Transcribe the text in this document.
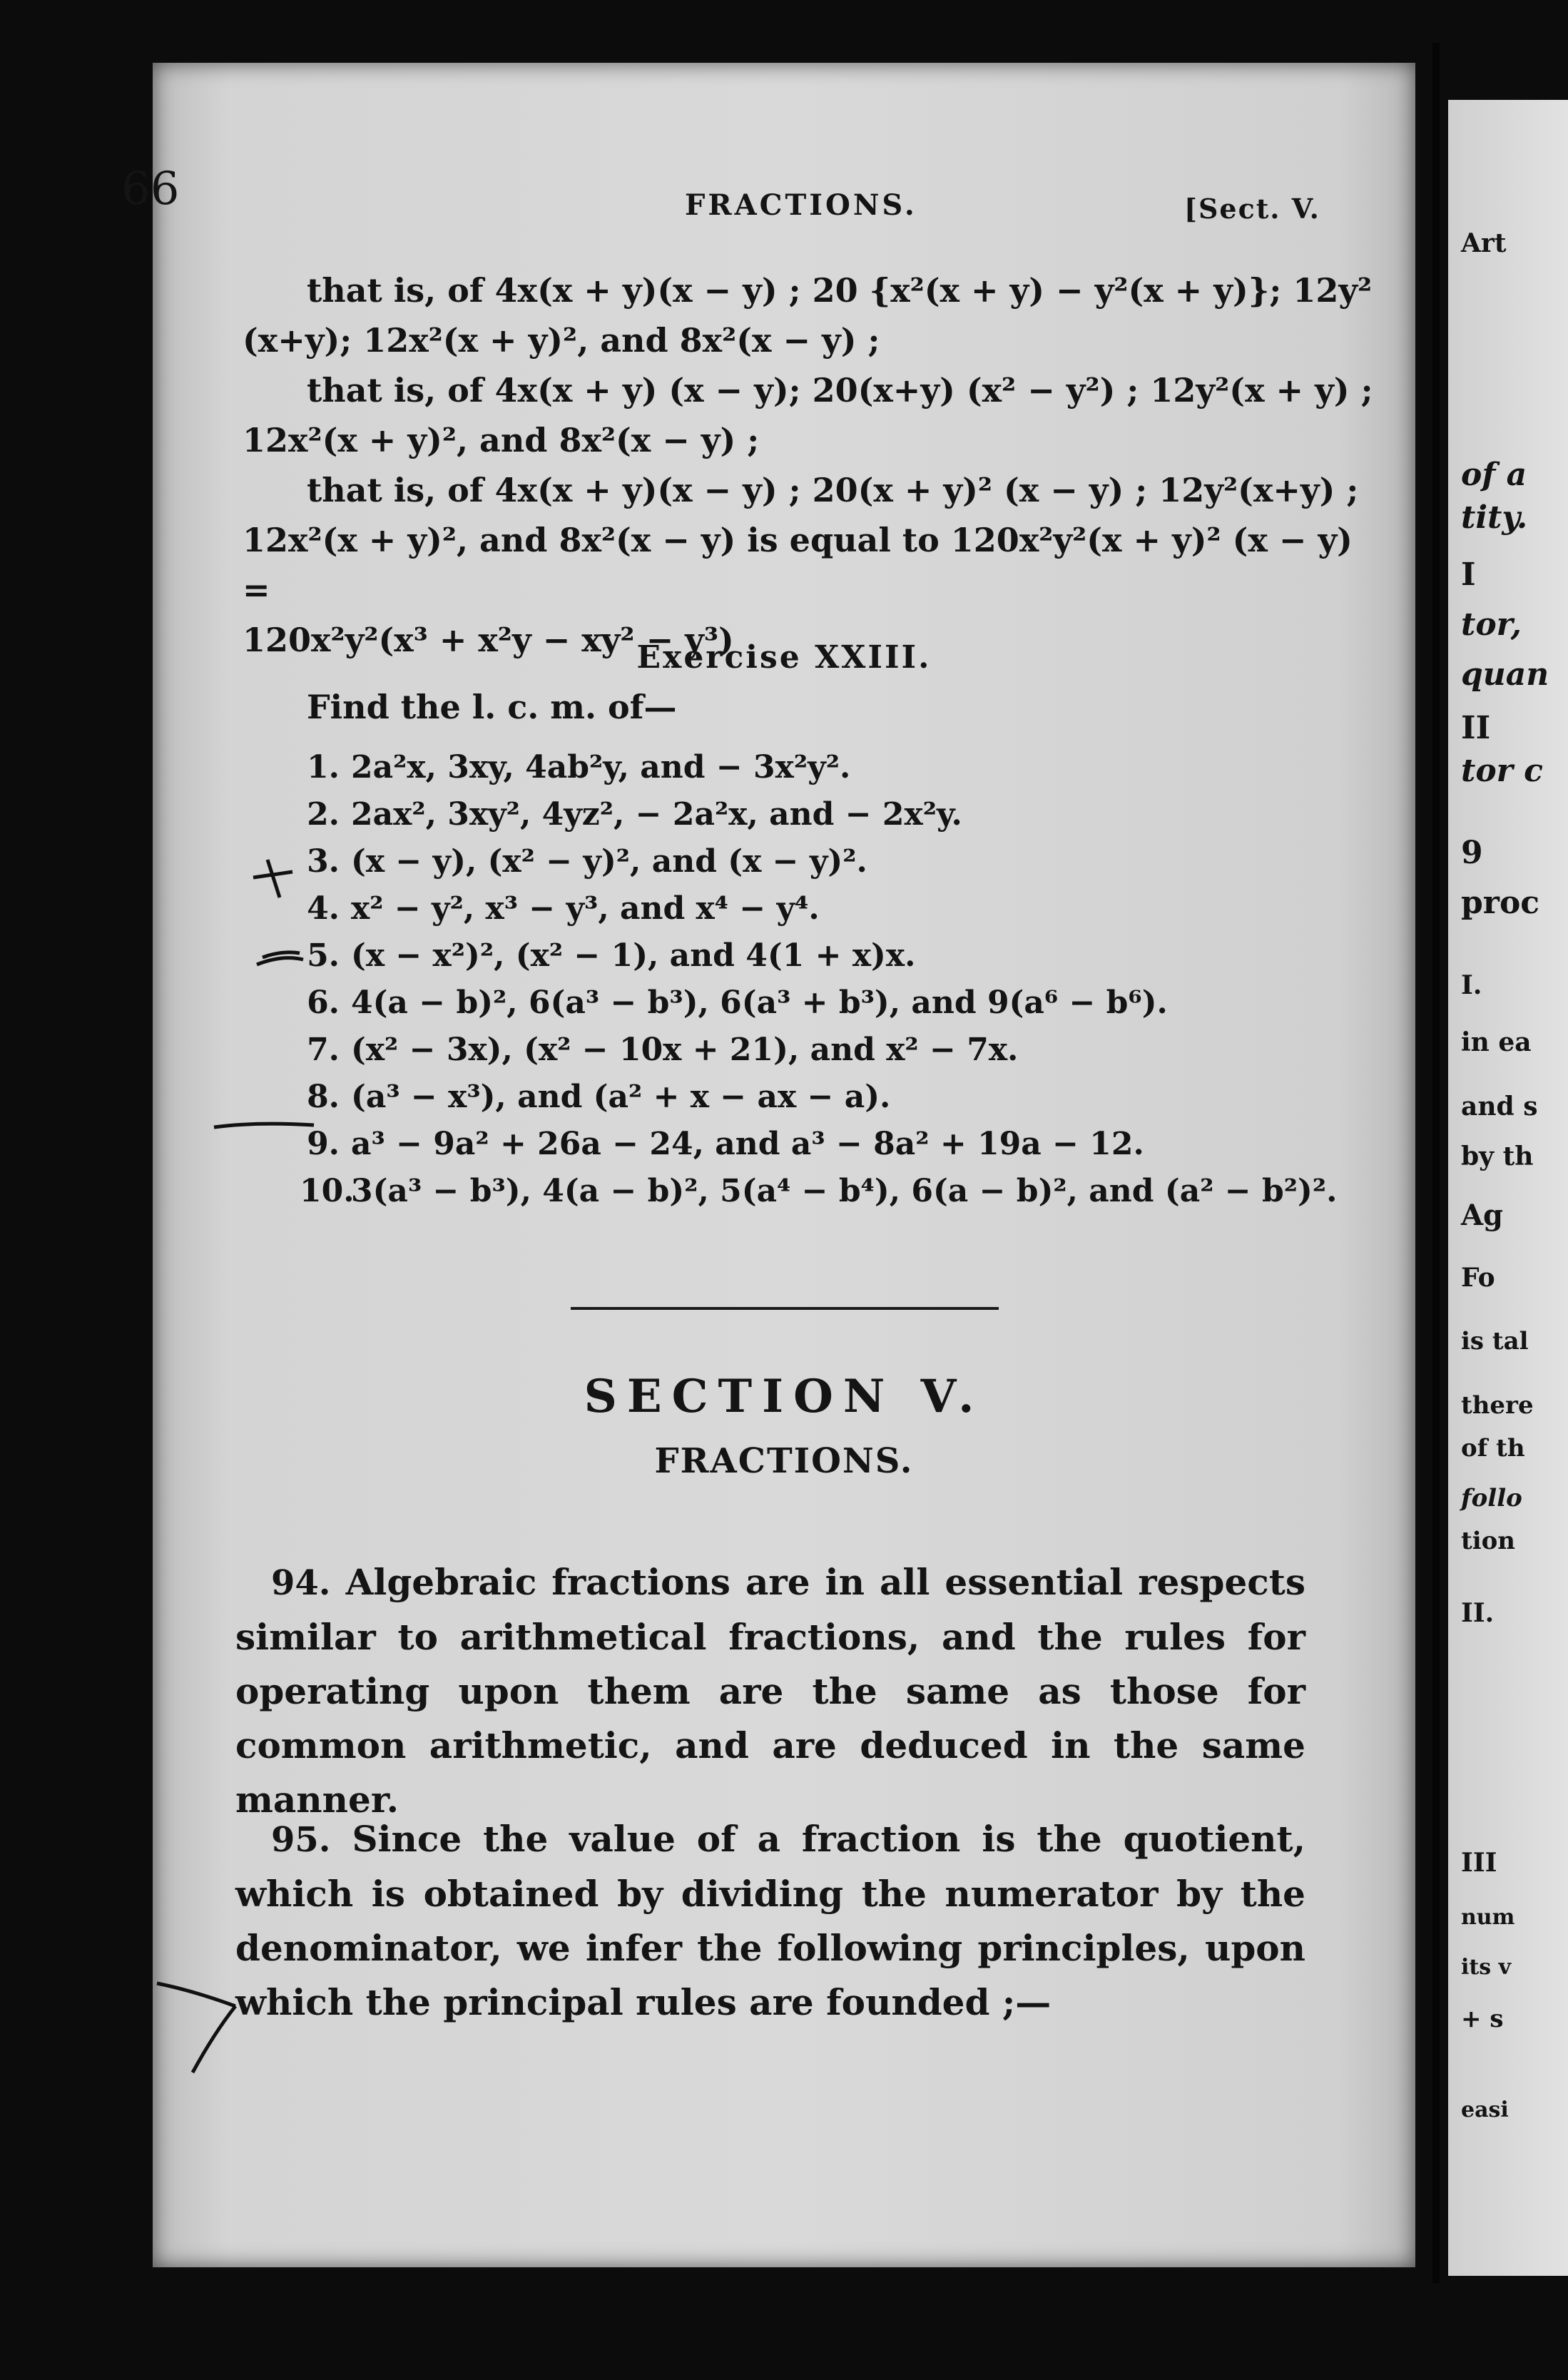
Art
of a
tity.
I
tor,
quan
II
tor c
9
proc
I.
in ea
and s
by th
Ag
Fo
is tal
there
of th
follo
tion
II.
III
num
its v
+ s
easi
66	FRACTIONS.	[Sect. V.

that is, of 4x(x + y)(x − y) ; 20 {x²(x + y) − y²(x + y)}; 12y²

(x+y); 12x²(x + y)², and 8x²(x − y) ;

that is, of 4x(x + y) (x − y); 20(x+y) (x² − y²) ; 12y²(x + y) ;

12x²(x + y)², and 8x²(x − y) ;

that is, of 4x(x + y)(x − y) ; 20(x + y)² (x − y) ; 12y²(x+y) ;

12x²(x + y)², and 8x²(x − y) is equal to 120x²y²(x + y)² (x − y) =

120x²y²(x³ + x²y − xy² − y³)

Exercise XXIII.
Find the l. c. m. of—
1. 2a²x, 3xy, 4ab²y, and − 3x²y².
2. 2ax², 3xy², 4yz², − 2a²x, and − 2x²y.
3. (x − y), (x² − y)², and (x − y)².
4. x² − y², x³ − y³, and x⁴ − y⁴.
5. (x − x²)², (x² − 1), and 4(1 + x)x.
6. 4(a − b)², 6(a³ − b³), 6(a³ + b³), and 9(a⁶ − b⁶).
7. (x² − 3x), (x² − 10x + 21), and x² − 7x.
8. (a³ − x³), and (a² + x − ax − a).
9. a³ − 9a² + 26a − 24, and a³ − 8a² + 19a − 12.
10.3(a³ − b³), 4(a − b)², 5(a⁴ − b⁴), 6(a − b)², and (a² − b²)².
SECTION V.
FRACTIONS.
94. Algebraic fractions are in all essential respects similar to arithmetical fractions, and the rules for operating upon them are the same as those for common arithmetic, and are deduced in the same manner.
95. Since the value of a fraction is the quotient, which is obtained by dividing the numerator by the denominator, we infer the following principles, upon which the principal rules are founded ;—
